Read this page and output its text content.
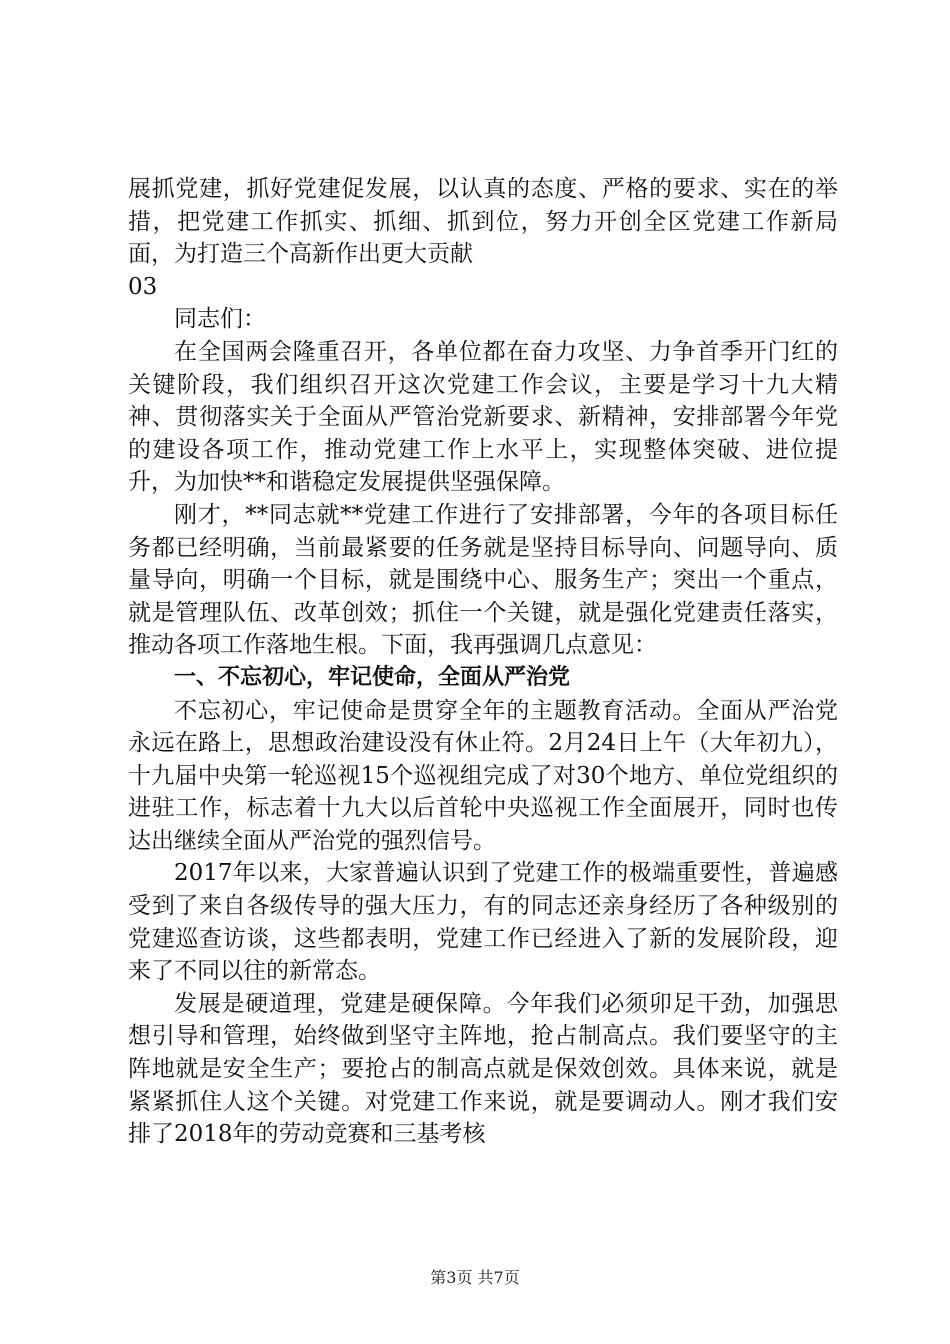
展抓党建，抓好党建促发展，以认真的态度、严格的要求、实在的举措，把党建工作抓实、抓细、抓到位，努力开创全区党建工作新局面，为打造三个高新作出更大贡献

03

同志们：

在全国两会隆重召开，各单位都在奋力攻坚、力争首季开门红的关键阶段，我们组织召开这次党建工作会议，主要是学习十九大精神、贯彻落实关于全面从严管治党新要求、新精神，安排部署今年党的建设各项工作，推动党建工作上水平上，实现整体突破、进位提升，为加快**和谐稳定发展提供坚强保障。

刚才，**同志就**党建工作进行了安排部署，今年的各项目标任务都已经明确，当前最紧要的任务就是坚持目标导向、问题导向、质量导向，明确一个目标，就是围绕中心、服务生产；突出一个重点，就是管理队伍、改革创效；抓住一个关键，就是强化党建责任落实，推动各项工作落地生根。下面，我再强调几点意见：

一、不忘初心，牢记使命，全面从严治党

不忘初心，牢记使命是贯穿全年的主题教育活动。全面从严治党永远在路上，思想政治建设没有休止符。2月24日上午（大年初九），十九届中央第一轮巡视15个巡视组完成了对30个地方、单位党组织的进驻工作，标志着十九大以后首轮中央巡视工作全面展开，同时也传达出继续全面从严治党的强烈信号。

2017年以来，大家普遍认识到了党建工作的极端重要性，普遍感受到了来自各级传导的强大压力，有的同志还亲身经历了各种级别的党建巡查访谈，这些都表明，党建工作已经进入了新的发展阶段，迎来了不同以往的新常态。

发展是硬道理，党建是硬保障。今年我们必须卯足干劲，加强思想引导和管理，始终做到坚守主阵地，抢占制高点。我们要坚守的主阵地就是安全生产；要抢占的制高点就是保效创效。具体来说，就是紧紧抓住人这个关键。对党建工作来说，就是要调动人。刚才我们安排了2018年的劳动竞赛和三基考核

第3页 共7页
